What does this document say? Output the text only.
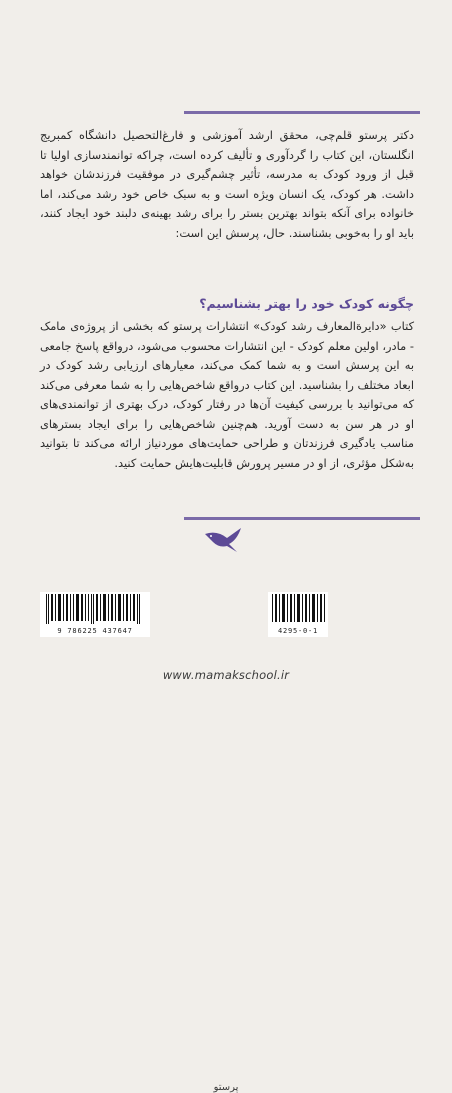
دکتر پرستو قلم‌چی، محقق ارشد آموزشی و فارغ‌التحصیل دانشگاه کمبریج انگلستان، این کتاب را گردآوری و تألیف کرده است، چراکه توانمندسازی اولیا تا قبل از ورود کودک به مدرسه، تأثیر چشم‌گیری در موفقیت فرزندشان خواهد داشت. هر کودک، یک انسان ویژه است و به سبک خاص خود رشد می‌کند، اما خانواده برای آنکه بتواند بهترین بستر را برای رشد بهینه‌ی دلبند خود ایجاد کنند، باید او را به‌خوبی بشناسند. حال، پرسش این است:
چگونه کودک خود را بهتر بشناسیم؟
کتاب «دایرةالمعارف رشد کودک» انتشارات پرستو که بخشی از پروژه‌ی مامک - مادر، اولین معلم کودک - این انتشارات محسوب می‌شود، درواقع پاسخ جامعی به این پرسش است و به شما کمک می‌کند، معیارهای ارزیابی رشد کودک در ابعاد مختلف را بشناسید. این کتاب درواقع شاخص‌هایی را به شما معرفی می‌کند که می‌توانید با بررسی کیفیت آن‌ها در رفتار کودک، درک بهتری از توانمندی‌های او در هر سن به دست آورید. هم‌چنین شاخص‌هایی را برای ایجاد بسترهای مناسب یادگیری فرزندتان و طراحی حمایت‌های موردنیاز ارائه می‌کند تا بتوانید به‌شکل مؤثری، از او در مسیر پرورش قابلیت‌هایش حمایت کنید.
پرستو
9 786225 437647	4295-0-1
www.mamakschool.ir
